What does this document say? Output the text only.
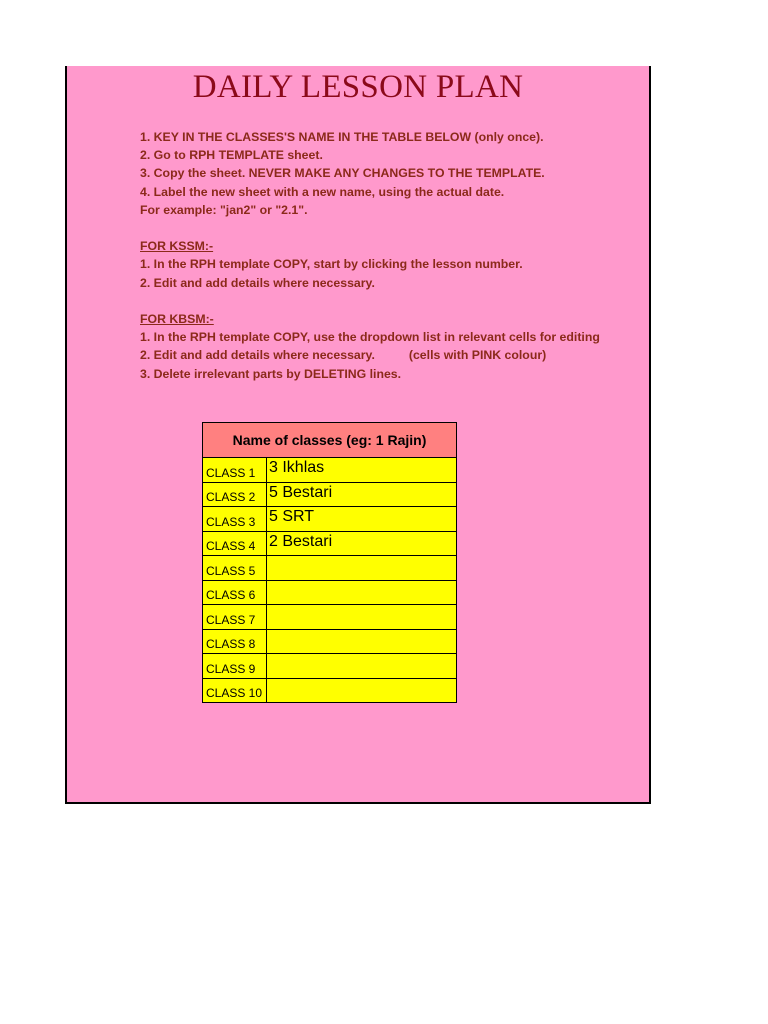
DAILY LESSON PLAN
1. KEY IN THE CLASSES'S NAME IN THE TABLE BELOW (only once).
2. Go to RPH TEMPLATE sheet.
3. Copy the sheet. NEVER MAKE ANY CHANGES TO THE TEMPLATE.
4. Label the new sheet with a new name, using the actual date.
For example: "jan2" or "2.1".
FOR KSSM:-
1. In the RPH template COPY, start by clicking the lesson number.
2. Edit and add details where necessary.
FOR KBSM:-
1. In the RPH template COPY, use the dropdown list in relevant cells for editing
2. Edit and add details where necessary.	(cells with PINK colour)
3. Delete irrelevant parts by DELETING lines.
Name of classes (eg: 1 Rajin)	
CLASS 1	3 Ikhlas
CLASS 2	5 Bestari
CLASS 3	5 SRT
CLASS 4	2 Bestari
CLASS 5	
CLASS 6	
CLASS 7	
CLASS 8	
CLASS 9	
CLASS 10	
